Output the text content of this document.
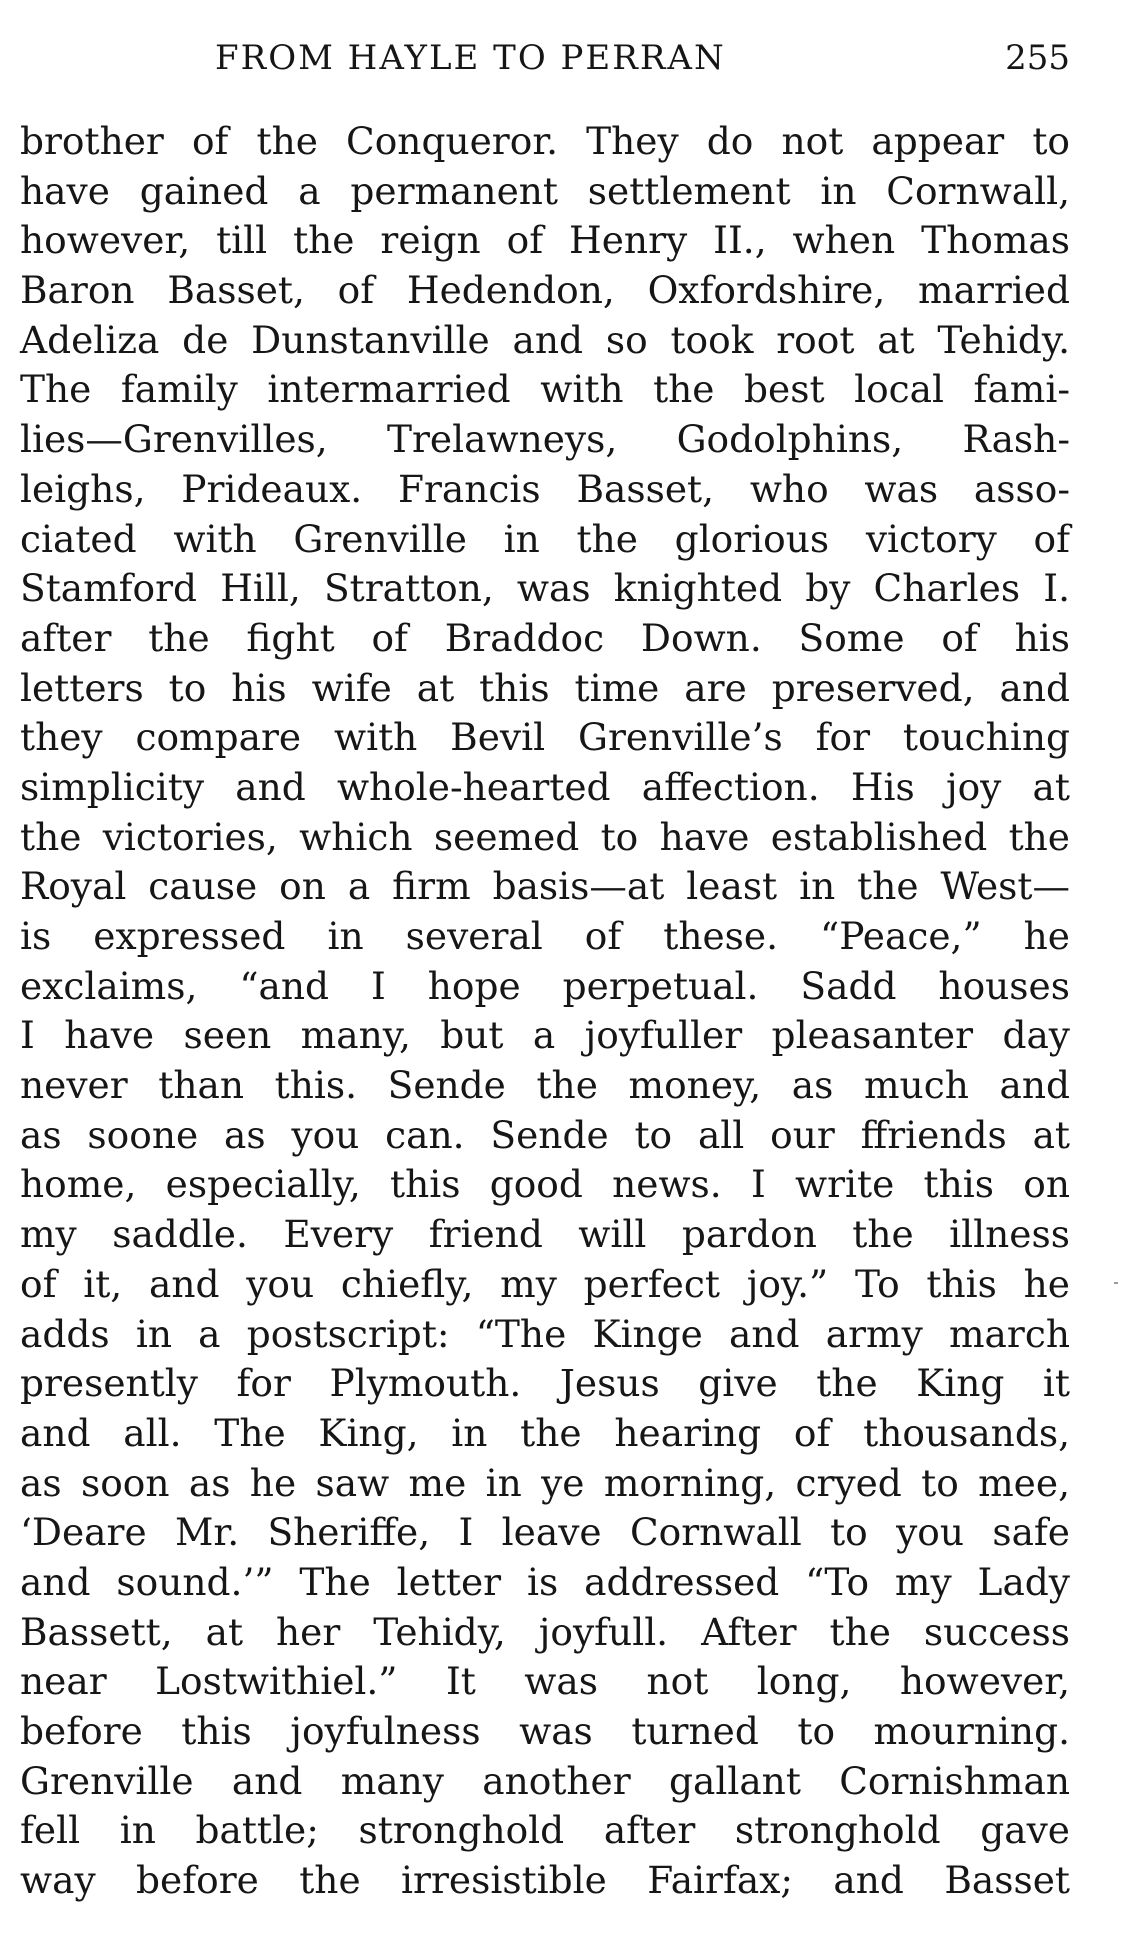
FROM HAYLE TO PERRAN	255
brother of the Conqueror. They do not appear to
have gained a permanent settlement in Cornwall,
however, till the reign of Henry II., when Thomas
Baron Basset, of Hedendon, Oxfordshire, married
Adeliza de Dunstanville and so took root at Tehidy.
The family intermarried with the best local fami-
lies—Grenvilles, Trelawneys, Godolphins, Rash-
leighs, Prideaux. Francis Basset, who was asso-
ciated with Grenville in the glorious victory of
Stamford Hill, Stratton, was knighted by Charles I.
after the fight of Braddoc Down. Some of his
letters to his wife at this time are preserved, and
they compare with Bevil Grenville’s for touching
simplicity and whole-hearted affection. His joy at
the victories, which seemed to have established the
Royal cause on a firm basis—at least in the West—
is expressed in several of these. “Peace,” he
exclaims, “and I hope perpetual. Sadd houses
I have seen many, but a joyfuller pleasanter day
never than this. Sende the money, as much and
as soone as you can. Sende to all our ffriends at
home, especially, this good news. I write this on
my saddle. Every friend will pardon the illness
of it, and you chiefly, my perfect joy.” To this he
adds in a postscript: “The Kinge and army march
presently for Plymouth. Jesus give the King it
and all. The King, in the hearing of thousands,
as soon as he saw me in ye morning, cryed to mee,
‘Deare Mr. Sheriffe, I leave Cornwall to you safe
and sound.’” The letter is addressed “To my Lady
Bassett, at her Tehidy, joyfull. After the success
near Lostwithiel.” It was not long, however,
before this joyfulness was turned to mourning.
Grenville and many another gallant Cornishman
fell in battle; stronghold after stronghold gave
way before the irresistible Fairfax; and Basset
